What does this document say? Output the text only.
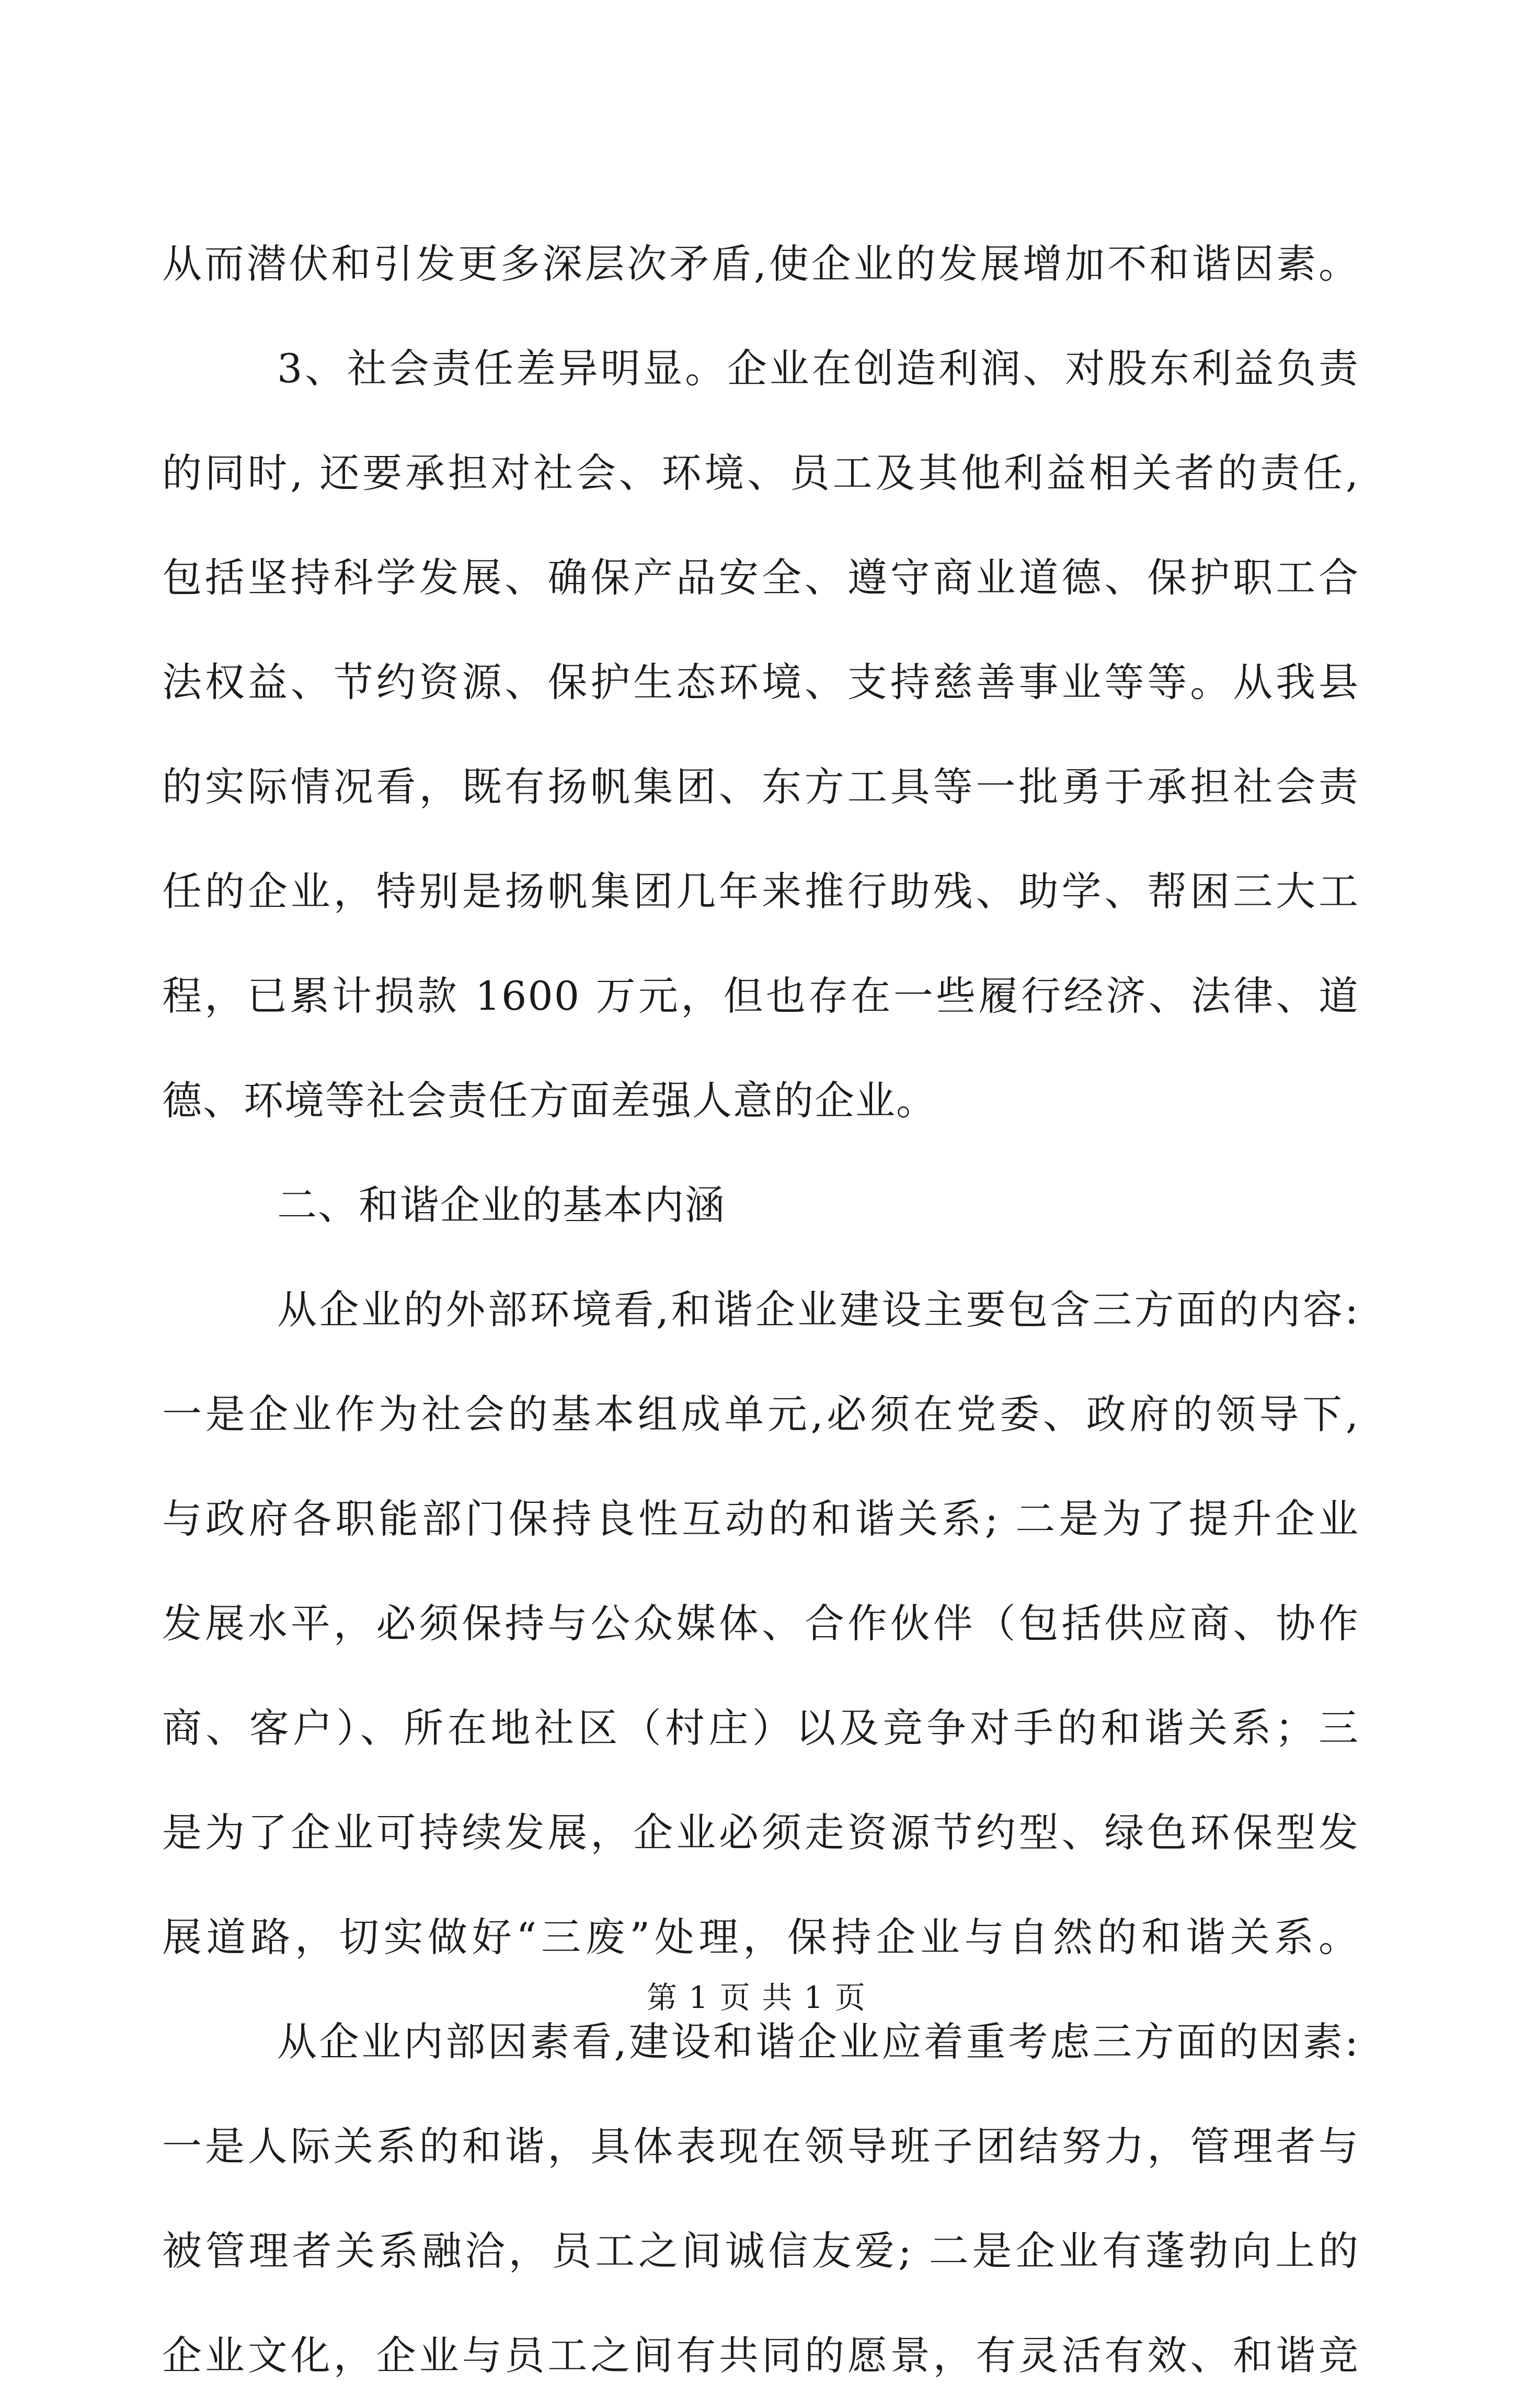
从而潜伏和引发更多深层次矛盾,使企业的发展增加不和谐因素。
3、社会责任差异明显。企业在创造利润、对股东利益负责
的同时, 还要承担对社会、环境、员工及其他利益相关者的责任,
包括坚持科学发展、确保产品安全、遵守商业道德、保护职工合
法权益、节约资源、保护生态环境、支持慈善事业等等。从我县
的实际情况看，既有扬帆集团、东方工具等一批勇于承担社会责
任的企业，特别是扬帆集团几年来推行助残、助学、帮困三大工
程，已累计损款 1600 万元，但也存在一些履行经济、法律、道
德、环境等社会责任方面差强人意的企业。
二、和谐企业的基本内涵
从企业的外部环境看,和谐企业建设主要包含三方面的内容:
一是企业作为社会的基本组成单元,必须在党委、政府的领导下,
与政府各职能部门保持良性互动的和谐关系; 二是为了提升企业
发展水平，必须保持与公众媒体、合作伙伴（包括供应商、协作
商、客户）、所在地社区（村庄）以及竞争对手的和谐关系；三
是为了企业可持续发展，企业必须走资源节约型、绿色环保型发
展道路，切实做好“三废”处理，保持企业与自然的和谐关系。
从企业内部因素看,建设和谐企业应着重考虑三方面的因素:
一是人际关系的和谐，具体表现在领导班子团结努力，管理者与
被管理者关系融洽，员工之间诚信友爱; 二是企业有蓬勃向上的
企业文化，企业与员工之间有共同的愿景，有灵活有效、和谐竞
第 1 页 共 1 页
